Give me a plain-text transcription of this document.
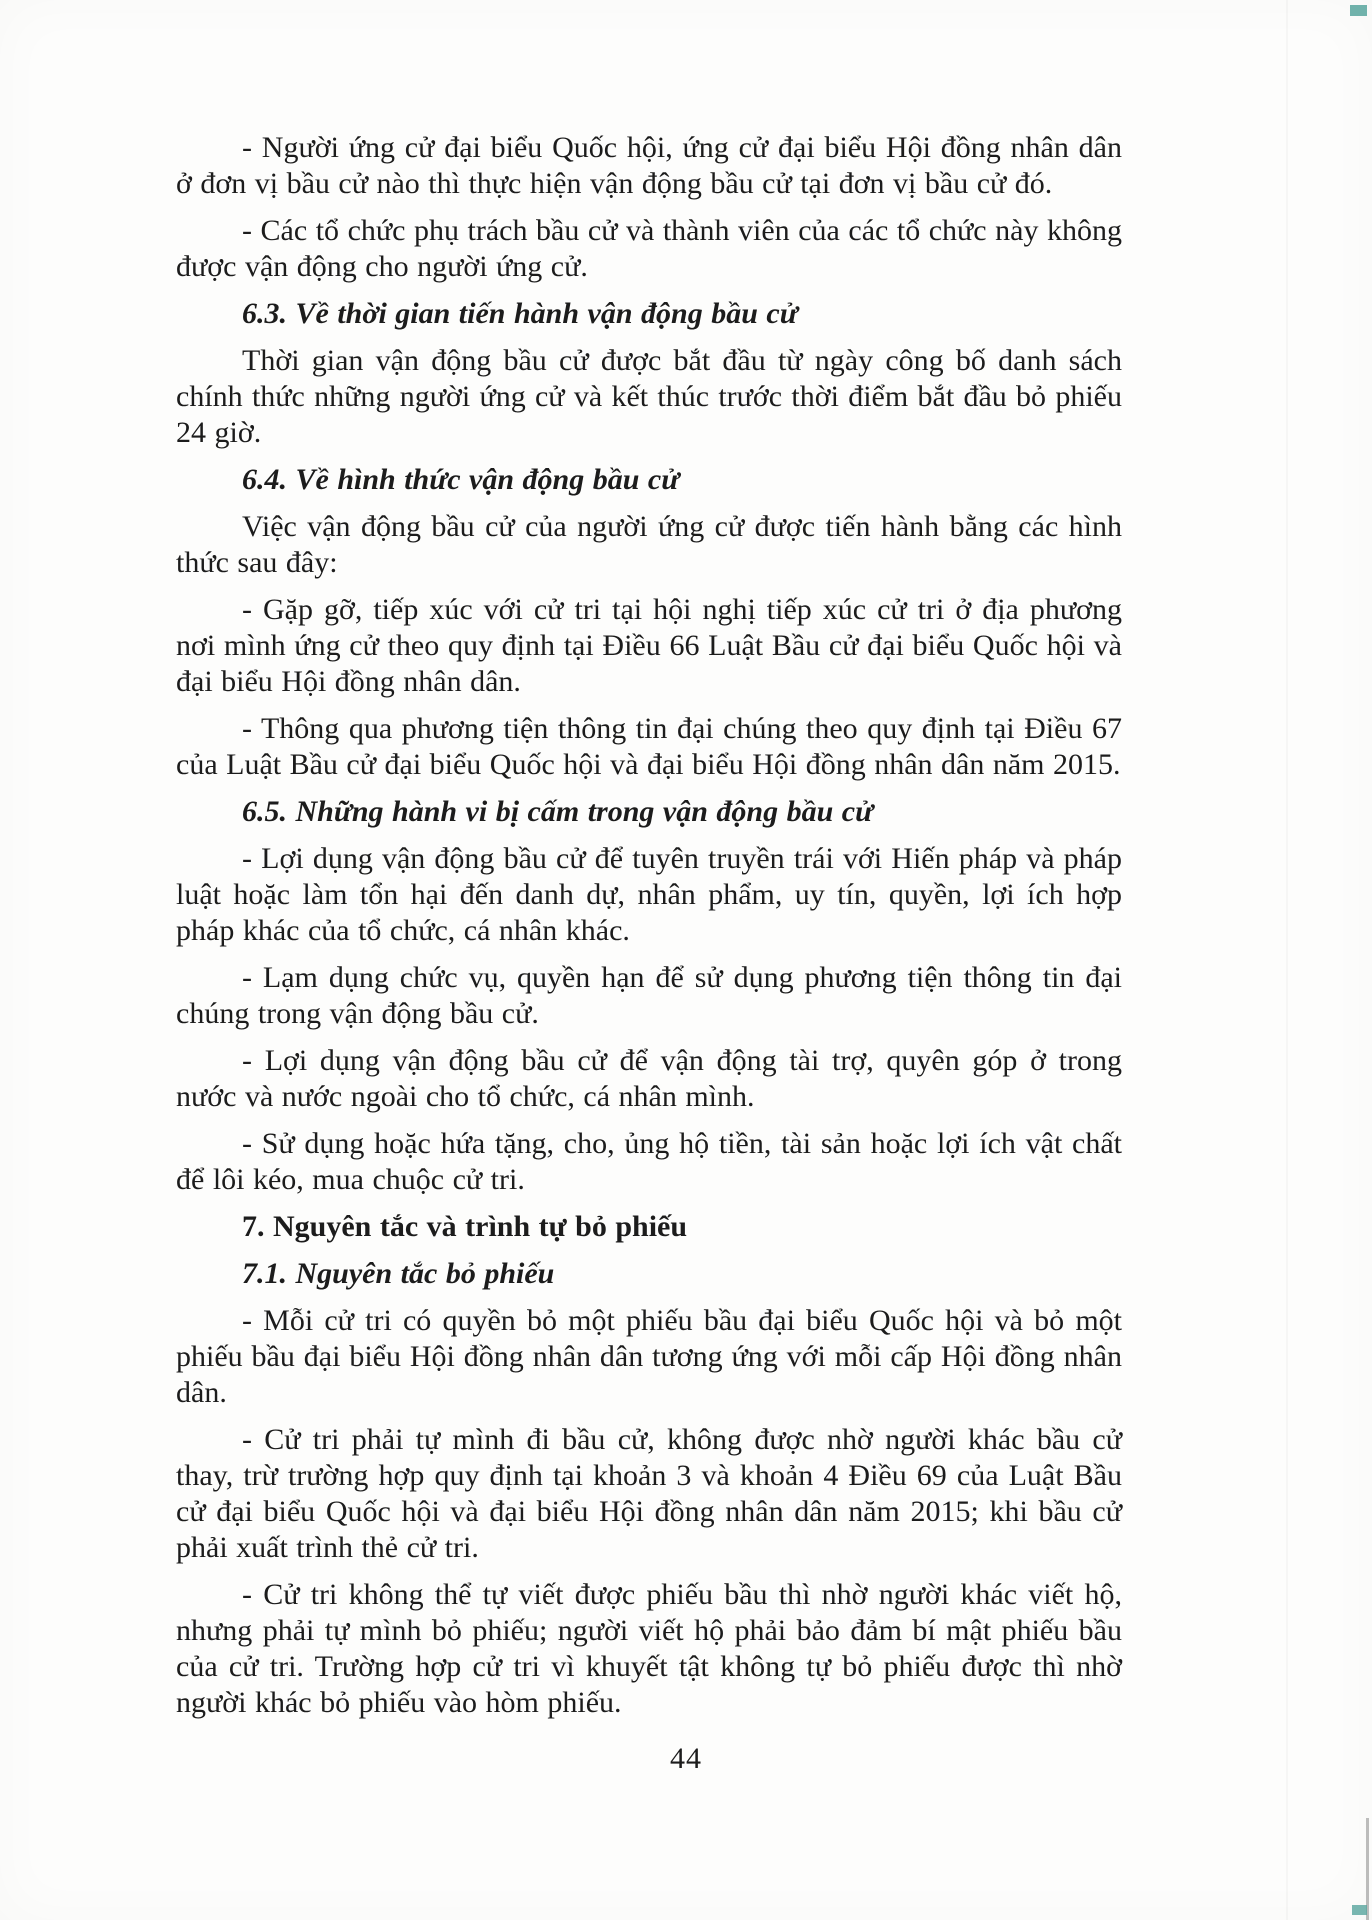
- Người ứng cử đại biểu Quốc hội, ứng cử đại biểu Hội đồng nhân dân ở đơn vị bầu cử nào thì thực hiện vận động bầu cử tại đơn vị bầu cử đó.

- Các tổ chức phụ trách bầu cử và thành viên của các tổ chức này không được vận động cho người ứng cử.

6.3. Về thời gian tiến hành vận động bầu cử

Thời gian vận động bầu cử được bắt đầu từ ngày công bố danh sách chính thức những người ứng cử và kết thúc trước thời điểm bắt đầu bỏ phiếu 24 giờ.

6.4. Về hình thức vận động bầu cử

Việc vận động bầu cử của người ứng cử được tiến hành bằng các hình thức sau đây:

- Gặp gỡ, tiếp xúc với cử tri tại hội nghị tiếp xúc cử tri ở địa phương nơi mình ứng cử theo quy định tại Điều 66 Luật Bầu cử đại biểu Quốc hội và đại biểu Hội đồng nhân dân.

- Thông qua phương tiện thông tin đại chúng theo quy định tại Điều 67 của Luật Bầu cử đại biểu Quốc hội và đại biểu Hội đồng nhân dân năm 2015.

6.5. Những hành vi bị cấm trong vận động bầu cử

- Lợi dụng vận động bầu cử để tuyên truyền trái với Hiến pháp và pháp luật hoặc làm tổn hại đến danh dự, nhân phẩm, uy tín, quyền, lợi ích hợp pháp khác của tổ chức, cá nhân khác.

- Lạm dụng chức vụ, quyền hạn để sử dụng phương tiện thông tin đại chúng trong vận động bầu cử.

- Lợi dụng vận động bầu cử để vận động tài trợ, quyên góp ở trong nước và nước ngoài cho tổ chức, cá nhân mình.

- Sử dụng hoặc hứa tặng, cho, ủng hộ tiền, tài sản hoặc lợi ích vật chất để lôi kéo, mua chuộc cử tri.

7. Nguyên tắc và trình tự bỏ phiếu

7.1. Nguyên tắc bỏ phiếu

- Mỗi cử tri có quyền bỏ một phiếu bầu đại biểu Quốc hội và bỏ một phiếu bầu đại biểu Hội đồng nhân dân tương ứng với mỗi cấp Hội đồng nhân dân.

- Cử tri phải tự mình đi bầu cử, không được nhờ người khác bầu cử thay, trừ trường hợp quy định tại khoản 3 và khoản 4 Điều 69 của Luật Bầu cử đại biểu Quốc hội và đại biểu Hội đồng nhân dân năm 2015; khi bầu cử phải xuất trình thẻ cử tri.

- Cử tri không thể tự viết được phiếu bầu thì nhờ người khác viết hộ, nhưng phải tự mình bỏ phiếu; người viết hộ phải bảo đảm bí mật phiếu bầu của cử tri. Trường hợp cử tri vì khuyết tật không tự bỏ phiếu được thì nhờ người khác bỏ phiếu vào hòm phiếu.

44
